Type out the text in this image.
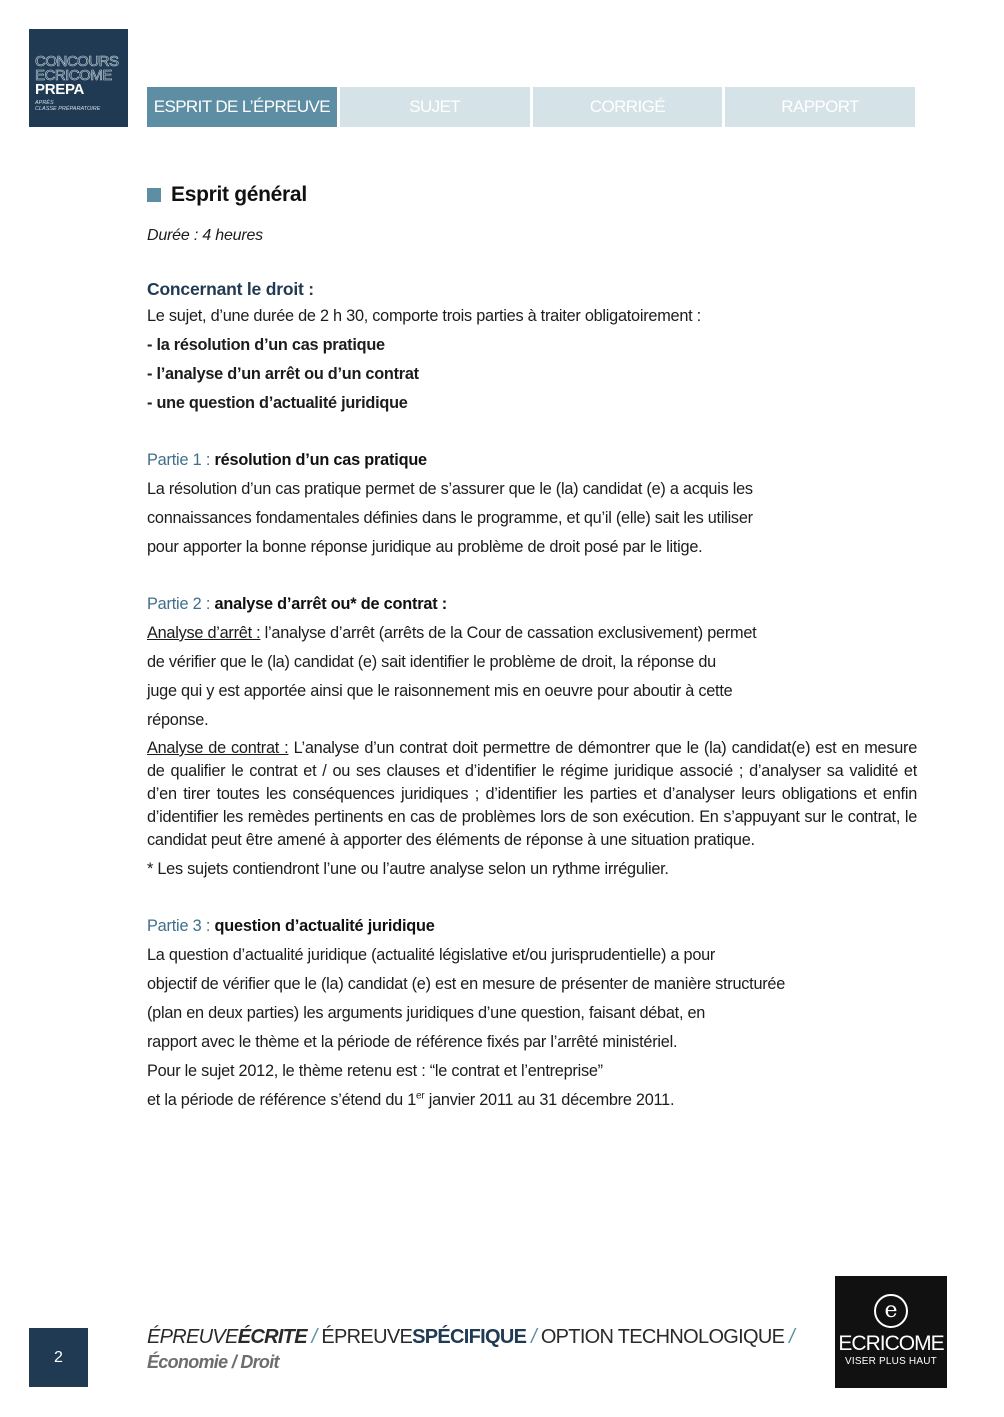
CONCOURS
ECRICOME
PREPA
APRÈS
CLASSE PRÉPARATOIRE	ESPRIT DE L’ÉPREUVE	SUJET	CORRIGÉ	RAPPORT
Esprit général
Durée : 4 heures
Concernant le droit :
Le sujet, d’une durée de 2 h 30, comporte trois parties à traiter obligatoirement :
- la résolution d’un cas pratique
- l’analyse d’un arrêt ou d’un contrat
- une question d’actualité juridique
Partie 1 : résolution d’un cas pratique
La résolution d’un cas pratique permet de s’assurer que le (la) candidat (e) a acquis les
connaissances fondamentales définies dans le programme, et qu’il (elle) sait les utiliser
pour apporter la bonne réponse juridique au problème de droit posé par le litige.
Partie 2 : analyse d’arrêt ou* de contrat :
Analyse d’arrêt : l’analyse d’arrêt (arrêts de la Cour de cassation exclusivement) permet
de vérifier que le (la) candidat (e) sait identifier le problème de droit, la réponse du
juge qui y est apportée ainsi que le raisonnement mis en oeuvre pour aboutir à cette
réponse.
Analyse de contrat : L’analyse d’un contrat doit permettre de démontrer que le (la) candidat(e) est en mesure de qualifier le contrat et / ou ses clauses et d’identifier le régime juridique associé ; d’analyser sa validité et d’en tirer toutes les conséquences juridiques ; d’identifier les parties et d’analyser leurs obligations et enfin d’identifier les remèdes pertinents en cas de problèmes lors de son exécution. En s’appuyant sur le contrat, le candidat peut être amené à apporter des éléments de réponse à une situation pratique.
* Les sujets contiendront l’une ou l’autre analyse selon un rythme irrégulier.
Partie 3 : question d’actualité juridique
La question d’actualité juridique (actualité législative et/ou jurisprudentielle) a pour
objectif de vérifier que le (la) candidat (e) est en mesure de présenter de manière structurée
(plan en deux parties) les arguments juridiques d’une question, faisant débat, en
rapport avec le thème et la période de référence fixés par l’arrêté ministériel.
Pour le sujet 2012, le thème retenu est : “le contrat et l’entreprise”
et la période de référence s’étend du 1er janvier 2011 au 31 décembre 2011.
2
ÉPREUVEÉCRITE / ÉPREUVESPÉCIFIQUE / OPTION TECHNOLOGIQUE /
Économie / Droit
e
ECRICOME
VISER PLUS HAUT
